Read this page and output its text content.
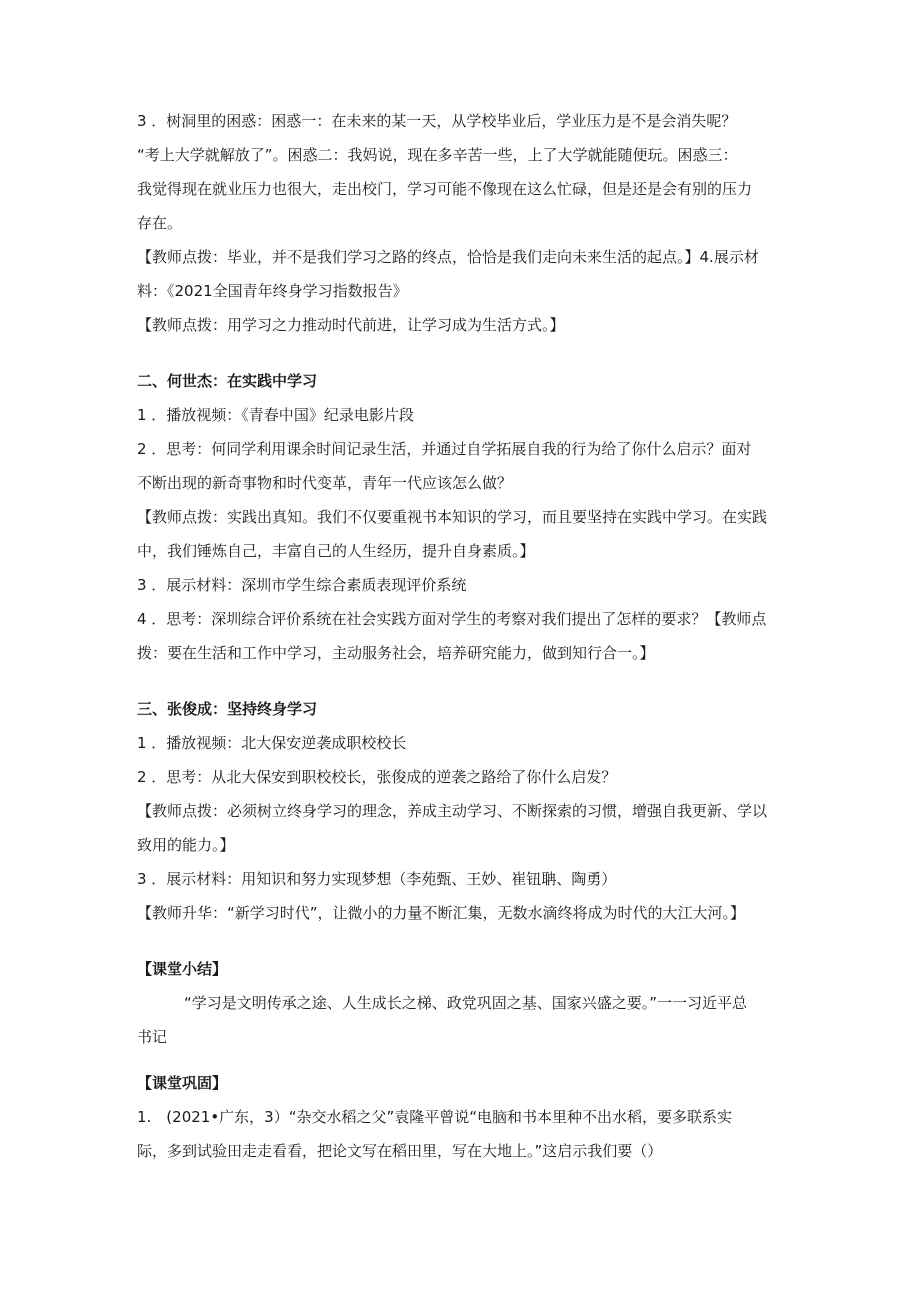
3 ．树洞里的困惑：困惑一：在未来的某一天，从学校毕业后，学业压力是不是会消失呢？

“考上大学就解放了”。困惑二：我妈说，现在多辛苦一些，上了大学就能随便玩。困惑三：

我觉得现在就业压力也很大，走出校门，学习可能不像现在这么忙碌，但是还是会有别的压力

存在。

【教师点拨：毕业，并不是我们学习之路的终点，恰恰是我们走向未来生活的起点。】4.展示材

料：《2021全国青年终身学习指数报告》

【教师点拨：用学习之力推动时代前进，让学习成为生活方式。】

二、何世杰：在实践中学习

1 ．播放视频：《青春中国》纪录电影片段

2 ．思考：何同学利用课余时间记录生活，并通过自学拓展自我的行为给了你什么启示？面对

不断出现的新奇事物和时代变革，青年一代应该怎么做？

【教师点拨：实践出真知。我们不仅要重视书本知识的学习，而且要坚持在实践中学习。在实践

中，我们锤炼自己，丰富自己的人生经历，提升自身素质。】

3 ．展示材料：深圳市学生综合素质表现评价系统

4 ．思考：深圳综合评价系统在社会实践方面对学生的考察对我们提出了怎样的要求？【教师点

拨：要在生活和工作中学习，主动服务社会，培养研究能力，做到知行合一。】

三、张俊成：坚持终身学习

1 ．播放视频：北大保安逆袭成职校校长

2 ．思考：从北大保安到职校校长，张俊成的逆袭之路给了你什么启发？

【教师点拨：必须树立终身学习的理念，养成主动学习、不断探索的习惯，增强自我更新、学以

致用的能力。】

3 ．展示材料：用知识和努力实现梦想（李苑甄、王妙、崔钮聃、陶勇）

【教师升华：“新学习时代”，让微小的力量不断汇集，无数水滴终将成为时代的大江大河。】

【课堂小结】

“学习是文明传承之途、人生成长之梯、政党巩固之基、国家兴盛之要。”一一习近平总

书记

【课堂巩固】

1.　(2021•广东，3）“杂交水稻之父”袁隆平曾说“电脑和书本里种不出水稻，要多联系实

际，多到试验田走走看看，把论文写在稻田里，写在大地上。”这启示我们要（）
